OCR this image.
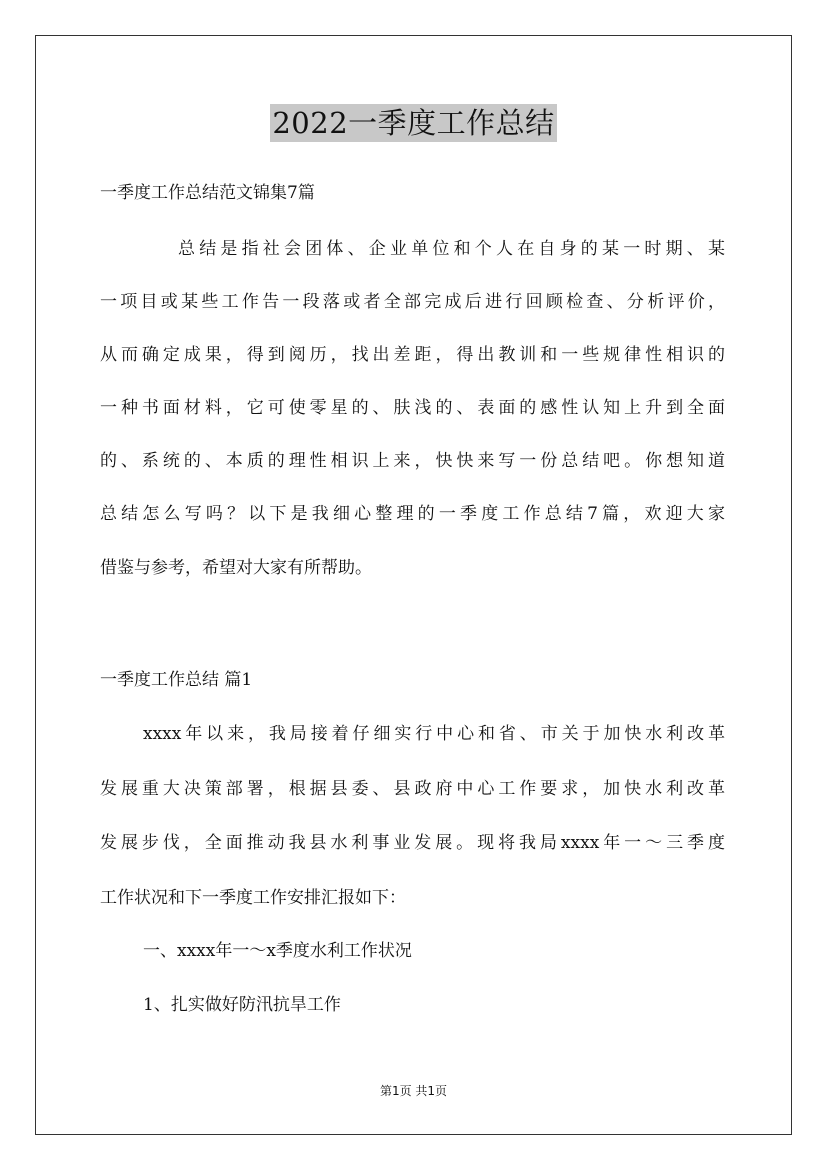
2022一季度工作总结
一季度工作总结范文锦集7篇
总结是指社会团体、企业单位和个人在自身的某一时期、某
一项目或某些工作告一段落或者全部完成后进行回顾检查、分析评价，
从而确定成果，得到阅历，找出差距，得出教训和一些规律性相识的
一种书面材料，它可使零星的、肤浅的、表面的感性认知上升到全面
的、系统的、本质的理性相识上来，快快来写一份总结吧。你想知道
总结怎么写吗？以下是我细心整理的一季度工作总结7篇，欢迎大家
借鉴与参考，希望对大家有所帮助。
一季度工作总结 篇1
xxxx年以来，我局接着仔细实行中心和省、市关于加快水利改革
发展重大决策部署，根据县委、县政府中心工作要求，加快水利改革
发展步伐，全面推动我县水利事业发展。现将我局xxxx年一～三季度
工作状况和下一季度工作安排汇报如下：
一、xxxx年一～x季度水利工作状况
1、扎实做好防汛抗旱工作
第1页 共1页
